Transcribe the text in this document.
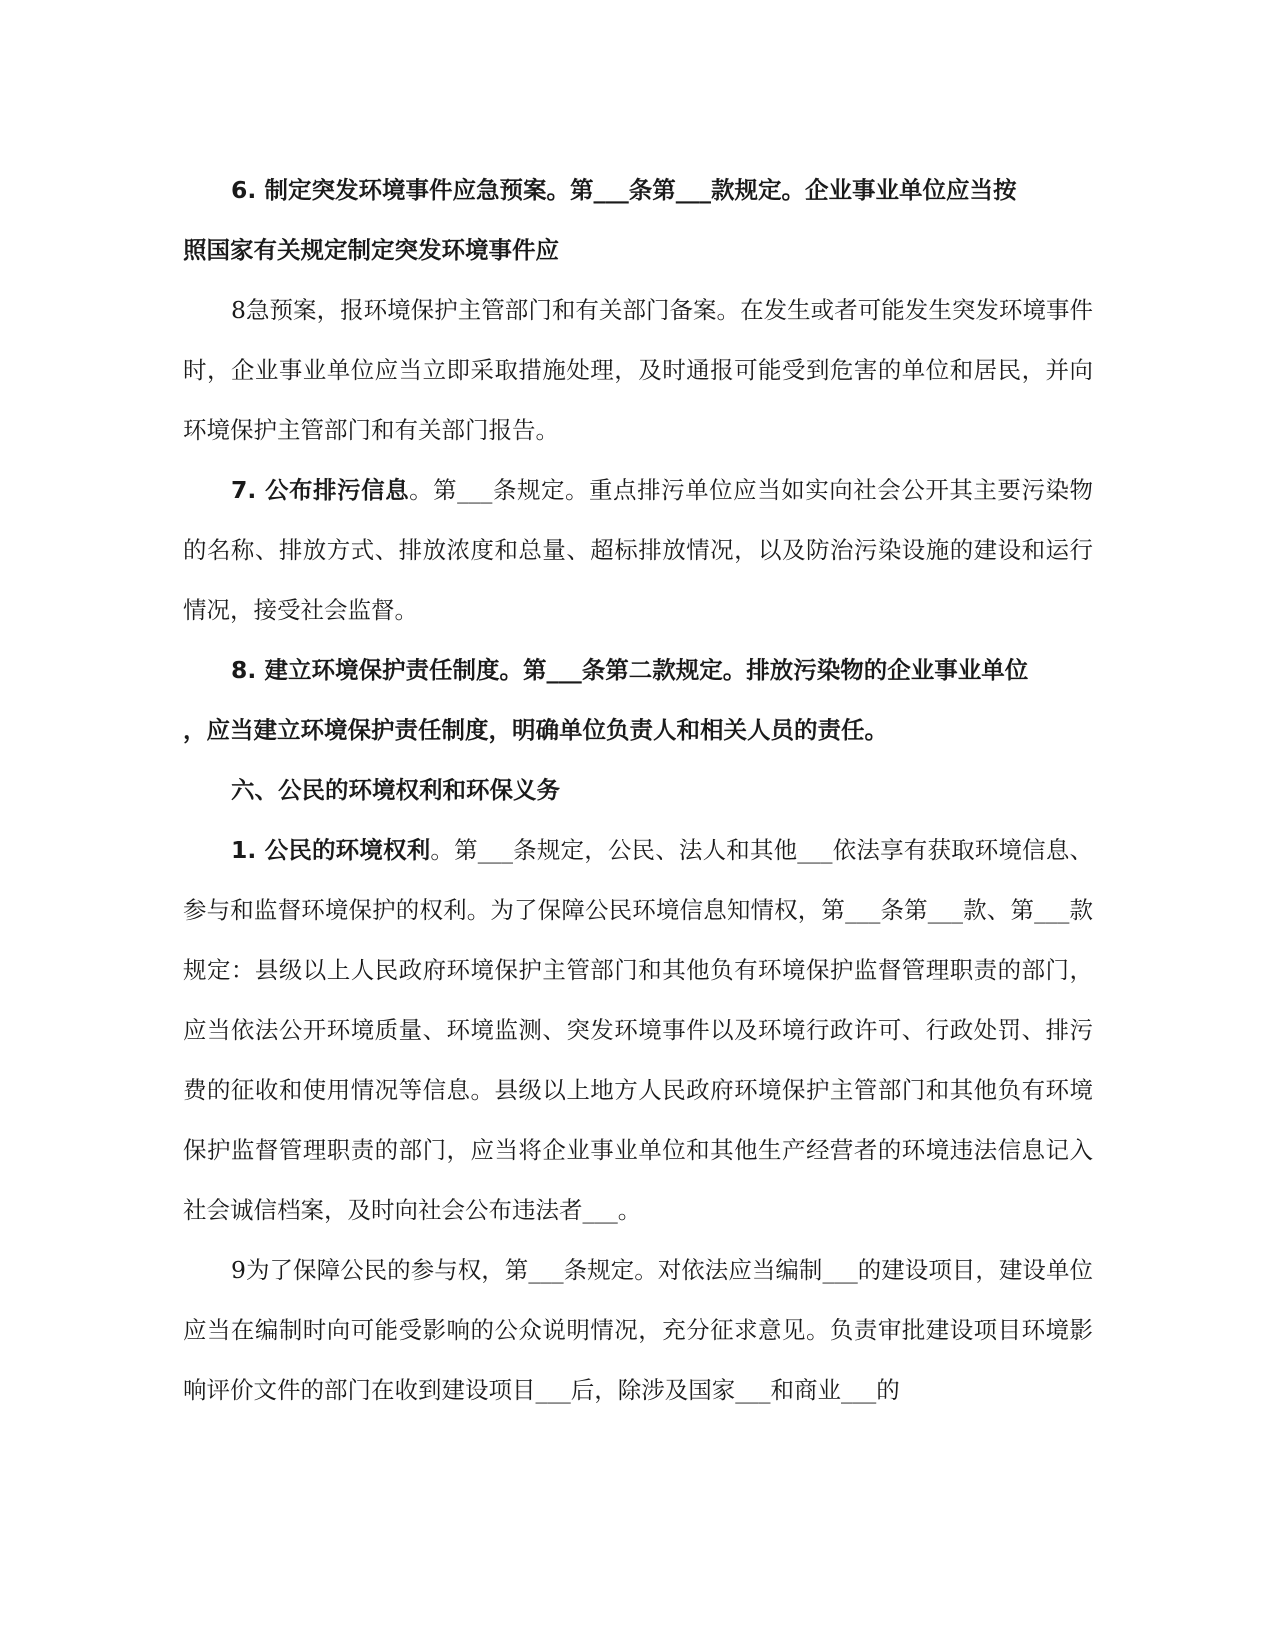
6. 制定突发环境事件应急预案。第___条第___款规定。企业事业单位应当按

照国家有关规定制定突发环境事件应

8急预案，报环境保护主管部门和有关部门备案。在发生或者可能发生突发环境事件时，企业事业单位应当立即采取措施处理，及时通报可能受到危害的单位和居民，并向环境保护主管部门和有关部门报告。

7. 公布排污信息。第___条规定。重点排污单位应当如实向社会公开其主要污染物的名称、排放方式、排放浓度和总量、超标排放情况，以及防治污染设施的建设和运行情况，接受社会监督。

8. 建立环境保护责任制度。第___条第二款规定。排放污染物的企业事业单位

，应当建立环境保护责任制度，明确单位负责人和相关人员的责任。

六、公民的环境权利和环保义务

1. 公民的环境权利。第___条规定，公民、法人和其他___依法享有获取环境信息、参与和监督环境保护的权利。为了保障公民环境信息知情权，第___条第___款、第___款规定：县级以上人民政府环境保护主管部门和其他负有环境保护监督管理职责的部门，应当依法公开环境质量、环境监测、突发环境事件以及环境行政许可、行政处罚、排污费的征收和使用情况等信息。县级以上地方人民政府环境保护主管部门和其他负有环境保护监督管理职责的部门，应当将企业事业单位和其他生产经营者的环境违法信息记入社会诚信档案，及时向社会公布违法者___。

9为了保障公民的参与权，第___条规定。对依法应当编制___的建设项目，建设单位应当在编制时向可能受影响的公众说明情况，充分征求意见。负责审批建设项目环境影响评价文件的部门在收到建设项目___后，除涉及国家___和商业___的
